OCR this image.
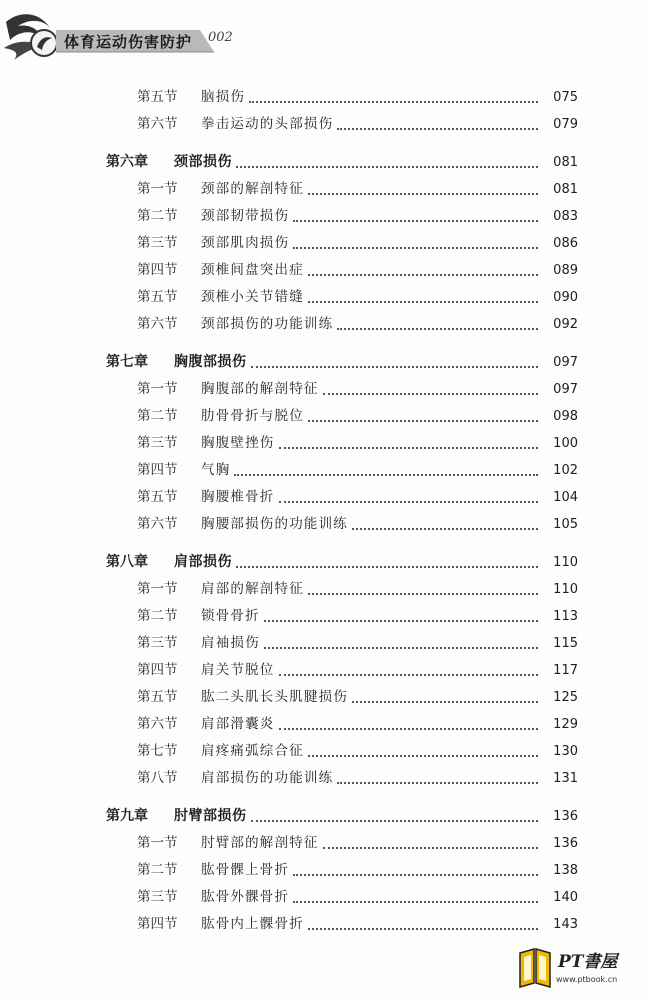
体育运动伤害防护 002
第五节	脑损伤	075
第六节	拳击运动的头部损伤	079
第六章	颈部损伤	081
第一节	颈部的解剖特征	081
第二节	颈部韧带损伤	083
第三节	颈部肌肉损伤	086
第四节	颈椎间盘突出症	089
第五节	颈椎小关节错缝	090
第六节	颈部损伤的功能训练	092
第七章	胸腹部损伤	097
第一节	胸腹部的解剖特征	097
第二节	肋骨骨折与脱位	098
第三节	胸腹壁挫伤	100
第四节	气胸	102
第五节	胸腰椎骨折	104
第六节	胸腰部损伤的功能训练	105
第八章	肩部损伤	110
第一节	肩部的解剖特征	110
第二节	锁骨骨折	113
第三节	肩袖损伤	115
第四节	肩关节脱位	117
第五节	肱二头肌长头肌腱损伤	125
第六节	肩部滑囊炎	129
第七节	肩疼痛弧综合征	130
第八节	肩部损伤的功能训练	131
第九章	肘臂部损伤	136
第一节	肘臂部的解剖特征	136
第二节	肱骨髁上骨折	138
第三节	肱骨外髁骨折	140
第四节	肱骨内上髁骨折	143
PT書屋
www.ptbook.cn
